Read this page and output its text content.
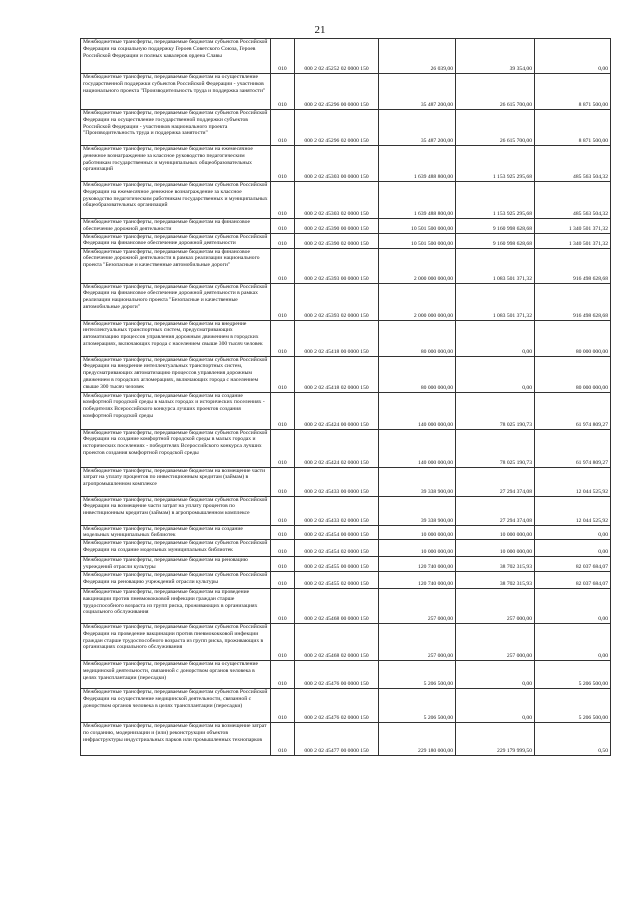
21
Межбюджетные трансферты, передаваемые бюджетам субъектов Российской Федерации на социальную поддержку Героев Советского Союза, Героев Российской Федерации и полных кавалеров ордена Славы	010	000 2 02 45252 02 0000 150	26 039,00	39 354,00	0,00
Межбюджетные трансферты, передаваемые бюджетам на осуществление государственной поддержки субъектов Российской Федерации - участников национального проекта "Производительность труда и поддержка занятости"	010	000 2 02 45296 00 0000 150	35 487 200,00	26 615 700,00	8 871 500,00
Межбюджетные трансферты, передаваемые бюджетам субъектов Российской Федерации на осуществление государственной поддержки субъектов Российской Федерации - участников национального проекта "Производительность труда и поддержка занятости"	010	000 2 02 45296 02 0000 150	35 487 200,00	26 615 700,00	8 871 500,00
Межбюджетные трансферты, передаваемые бюджетам на ежемесячное денежное вознаграждение за классное руководство педагогическим работникам государственных и муниципальных общеобразовательных организаций	010	000 2 02 45303 00 0000 150	1 639 488 800,00	1 153 925 295,68	485 563 504,32
Межбюджетные трансферты, передаваемые бюджетам субъектов Российской Федерации на ежемесячное денежное вознаграждение за классное руководство педагогическим работникам государственных и муниципальных общеобразовательных организаций	010	000 2 02 45303 02 0000 150	1 639 488 800,00	1 153 925 295,68	485 563 504,32
Межбюджетные трансферты, передаваемые бюджетам на финансовое обеспечение дорожной деятельности	010	000 2 02 45390 00 0000 150	10 501 500 000,00	9 160 998 628,68	1 340 501 371,32
Межбюджетные трансферты, передаваемые бюджетам субъектов Российской Федерации на финансовое обеспечение дорожной деятельности	010	000 2 02 45390 02 0000 150	10 501 500 000,00	9 160 998 628,68	1 340 501 371,32
Межбюджетные трансферты, передаваемые бюджетам на финансовое обеспечение дорожной деятельности в рамках реализации национального проекта "Безопасные и качественные автомобильные дороги"	010	000 2 02 45393 00 0000 150	2 000 000 000,00	1 083 501 371,32	916 498 628,68
Межбюджетные трансферты, передаваемые бюджетам субъектов Российской Федерации на финансовое обеспечение дорожной деятельности в рамках реализации национального проекта "Безопасные и качественные автомобильные дороги"	010	000 2 02 45393 02 0000 150	2 000 000 000,00	1 083 501 371,32	916 498 628,68
Межбюджетные трансферты, передаваемые бюджетам на внедрение интеллектуальных транспортных систем, предусматривающих автоматизацию процессов управления дорожным движением в городских агломерациях, включающих города с населением свыше 300 тысяч человек	010	000 2 02 45418 00 0000 150	80 000 000,00	0,00	80 000 000,00
Межбюджетные трансферты, передаваемые бюджетам субъектов Российской Федерации на внедрение интеллектуальных транспортных систем, предусматривающих автоматизацию процессов управления дорожным движением в городских агломерациях, включающих города с населением свыше 300 тысяч человек	010	000 2 02 45418 02 0000 150	80 000 000,00	0,00	80 000 000,00
Межбюджетные трансферты, передаваемые бюджетам на создание комфортной городской среды в малых городах и исторических поселениях - победителях Всероссийского конкурса лучших проектов создания комфортной городской среды	010	000 2 02 45424 00 0000 150	140 000 000,00	78 025 190,73	61 974 809,27
Межбюджетные трансферты, передаваемые бюджетам субъектов Российской Федерации на создание комфортной городской среды в малых городах и исторических поселениях - победителях Всероссийского конкурса лучших проектов создания комфортной городской среды	010	000 2 02 45424 02 0000 150	140 000 000,00	78 025 190,73	61 974 809,27
Межбюджетные трансферты, передаваемые бюджетам на возмещение части затрат на уплату процентов по инвестиционным кредитам (займам) в агропромышленном комплексе	010	000 2 02 45433 00 0000 150	39 338 900,00	27 294 374,08	12 044 525,92
Межбюджетные трансферты, передаваемые бюджетам субъектов Российской Федерации на возмещение части затрат на уплату процентов по инвестиционным кредитам (займам) в агропромышленном комплексе	010	000 2 02 45433 02 0000 150	39 338 900,00	27 294 374,08	12 044 525,92
Межбюджетные трансферты, передаваемые бюджетам на создание модельных муниципальных библиотек	010	000 2 02 45454 00 0000 150	10 000 000,00	10 000 000,00	0,00
Межбюджетные трансферты, передаваемые бюджетам субъектов Российской Федерации на создание модельных муниципальных библиотек	010	000 2 02 45454 02 0000 150	10 000 000,00	10 000 000,00	0,00
Межбюджетные трансферты, передаваемые бюджетам на реновацию учреждений отрасли культуры	010	000 2 02 45455 00 0000 150	120 740 000,00	38 702 315,93	82 037 684,07
Межбюджетные трансферты, передаваемые бюджетам субъектов Российской Федерации на реновацию учреждений отрасли культуры	010	000 2 02 45455 02 0000 150	120 740 000,00	38 702 315,93	82 037 684,07
Межбюджетные трансферты, передаваемые бюджетам на проведение вакцинации против пневмококковой инфекции граждан старше трудоспособного возраста из групп риска, проживающих в организациях социального обслуживания	010	000 2 02 45468 00 0000 150	257 000,00	257 000,00	0,00
Межбюджетные трансферты, передаваемые бюджетам субъектов Российской Федерации на проведение вакцинации против пневмококковой инфекции граждан старше трудоспособного возраста из групп риска, проживающих в организациях социального обслуживания	010	000 2 02 45468 02 0000 150	257 000,00	257 000,00	0,00
Межбюджетные трансферты, передаваемые бюджетам на осуществление медицинской деятельности, связанной с донорством органов человека в целях трансплантации (пересадки)	010	000 2 02 45476 00 0000 150	5 206 500,00	0,00	5 206 500,00
Межбюджетные трансферты, передаваемые бюджетам субъектов Российской Федерации на осуществление медицинской деятельности, связанной с донорством органов человека в целях трансплантации (пересадки)	010	000 2 02 45476 02 0000 150	5 206 500,00	0,00	5 206 500,00
Межбюджетные трансферты, передаваемые бюджетам на возмещение затрат по созданию, модернизации и (или) реконструкции объектов инфраструктуры индустриальных парков или промышленных технопарков	010	000 2 02 45477 00 0000 150	229 180 000,00	229 179 999,50	0,50
